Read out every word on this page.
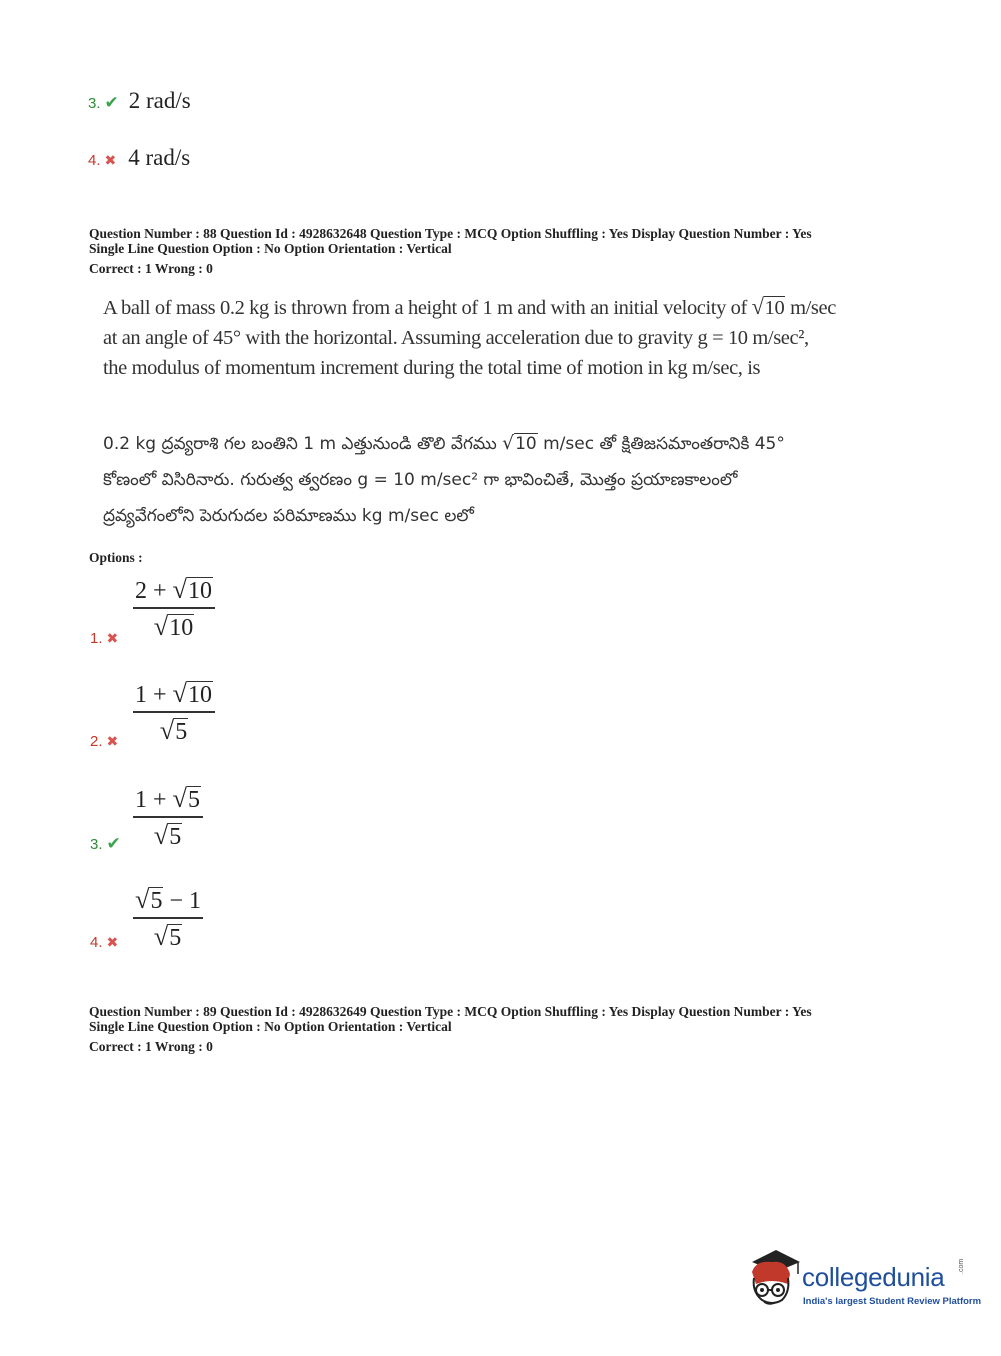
3. ✔ 2 rad/s
4. ✖ 4 rad/s
Question Number : 88 Question Id : 4928632648 Question Type : MCQ Option Shuffling : Yes Display Question Number : Yes
Single Line Question Option : No Option Orientation : Vertical
Correct : 1 Wrong : 0
A ball of mass 0.2 kg is thrown from a height of 1 m and with an initial velocity of √10 m/sec
at an angle of 45° with the horizontal. Assuming acceleration due to gravity g = 10 m/sec²,
the modulus of momentum increment during the total time of motion in kg m/sec, is
0.2 kg ద్రవ్యరాశి గల బంతిని 1 m ఎత్తునుండి తొలి వేగము √10 m/sec తో క్షితిజసమాంతరానికి 45°
కోణంలో విసిరినారు. గురుత్వ త్వరణం g = 10 m/sec² గా భావించితే, మొత్తం ప్రయాణకాలంలో
ద్రవ్యవేగంలోని పెరుగుదల పరిమాణము kg m/sec లలో
Options :
2 + √10
√10
1. ✖
1 + √10
√5
2. ✖
1 + √5
√5
3. ✔
√5 − 1
√5
4. ✖
Question Number : 89 Question Id : 4928632649 Question Type : MCQ Option Shuffling : Yes Display Question Number : Yes
Single Line Question Option : No Option Orientation : Vertical
Correct : 1 Wrong : 0
collegedunia .com
India's largest Student Review Platform
